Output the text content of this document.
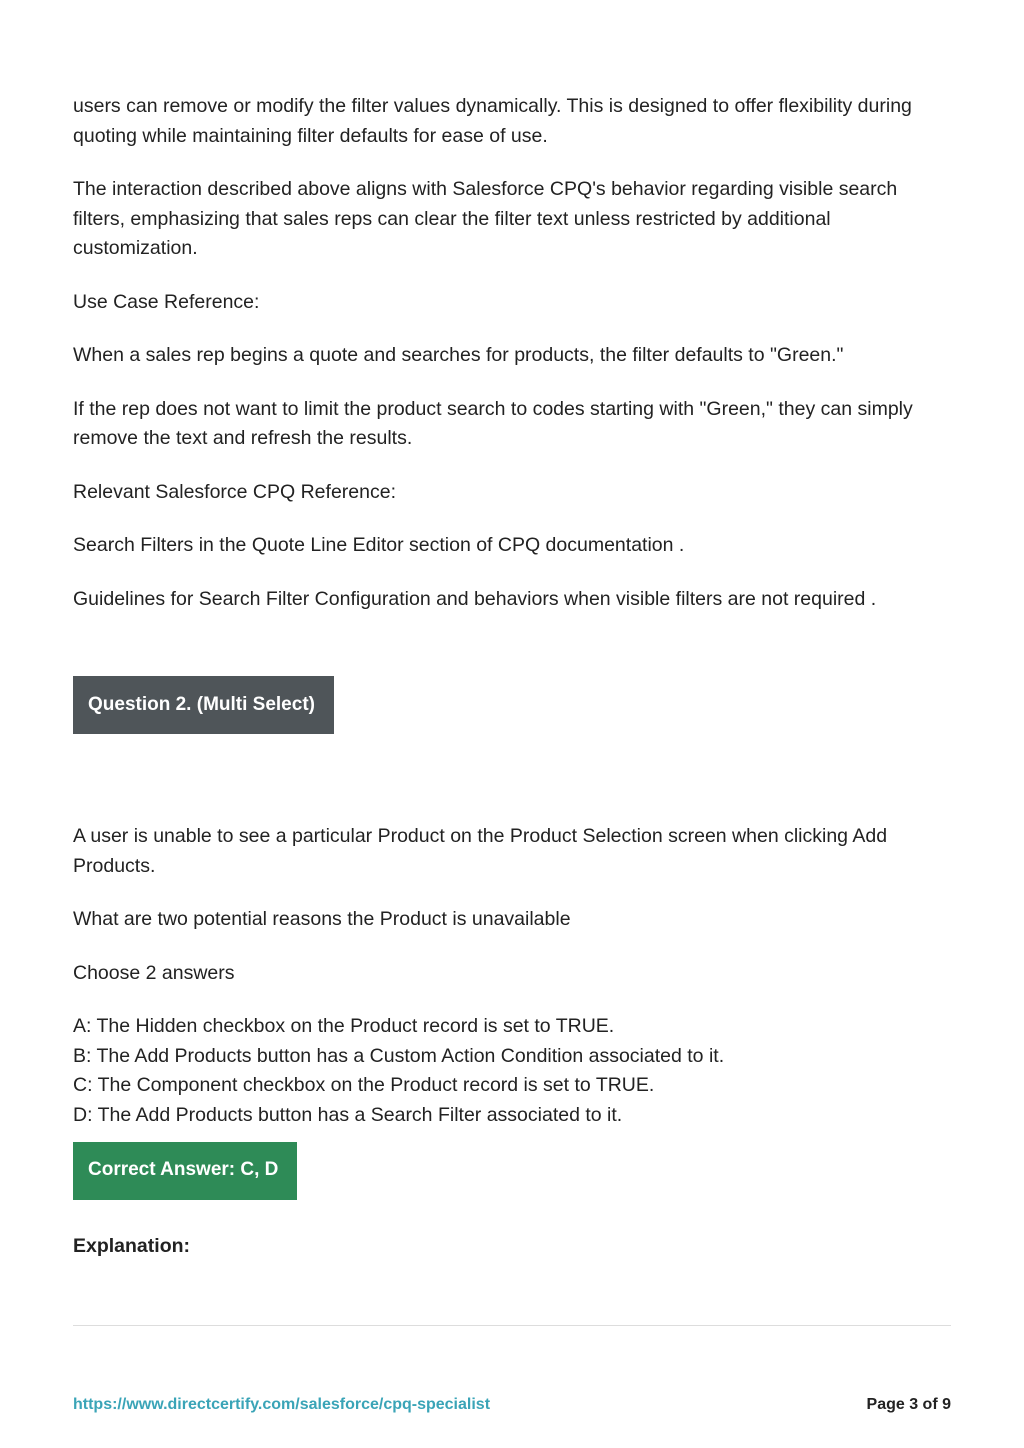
users can remove or modify the filter values dynamically. This is designed to offer flexibility during quoting while maintaining filter defaults for ease of use.

The interaction described above aligns with Salesforce CPQ's behavior regarding visible search filters, emphasizing that sales reps can clear the filter text unless restricted by additional customization.

Use Case Reference:

When a sales rep begins a quote and searches for products, the filter defaults to "Green."

If the rep does not want to limit the product search to codes starting with "Green," they can simply remove the text and refresh the results.

Relevant Salesforce CPQ Reference:

Search Filters in the Quote Line Editor section of CPQ documentation .

Guidelines for Search Filter Configuration and behaviors when visible filters are not required .

Question 2. (Multi Select)

A user is unable to see a particular Product on the Product Selection screen when clicking Add Products.

What are two potential reasons the Product is unavailable

Choose 2 answers

A: The Hidden checkbox on the Product record is set to TRUE.
B: The Add Products button has a Custom Action Condition associated to it.
C: The Component checkbox on the Product record is set to TRUE.
D: The Add Products button has a Search Filter associated to it.
Correct Answer: C, D
Explanation:
https://www.directcertify.com/salesforce/cpq-specialist	Page 3 of 9
